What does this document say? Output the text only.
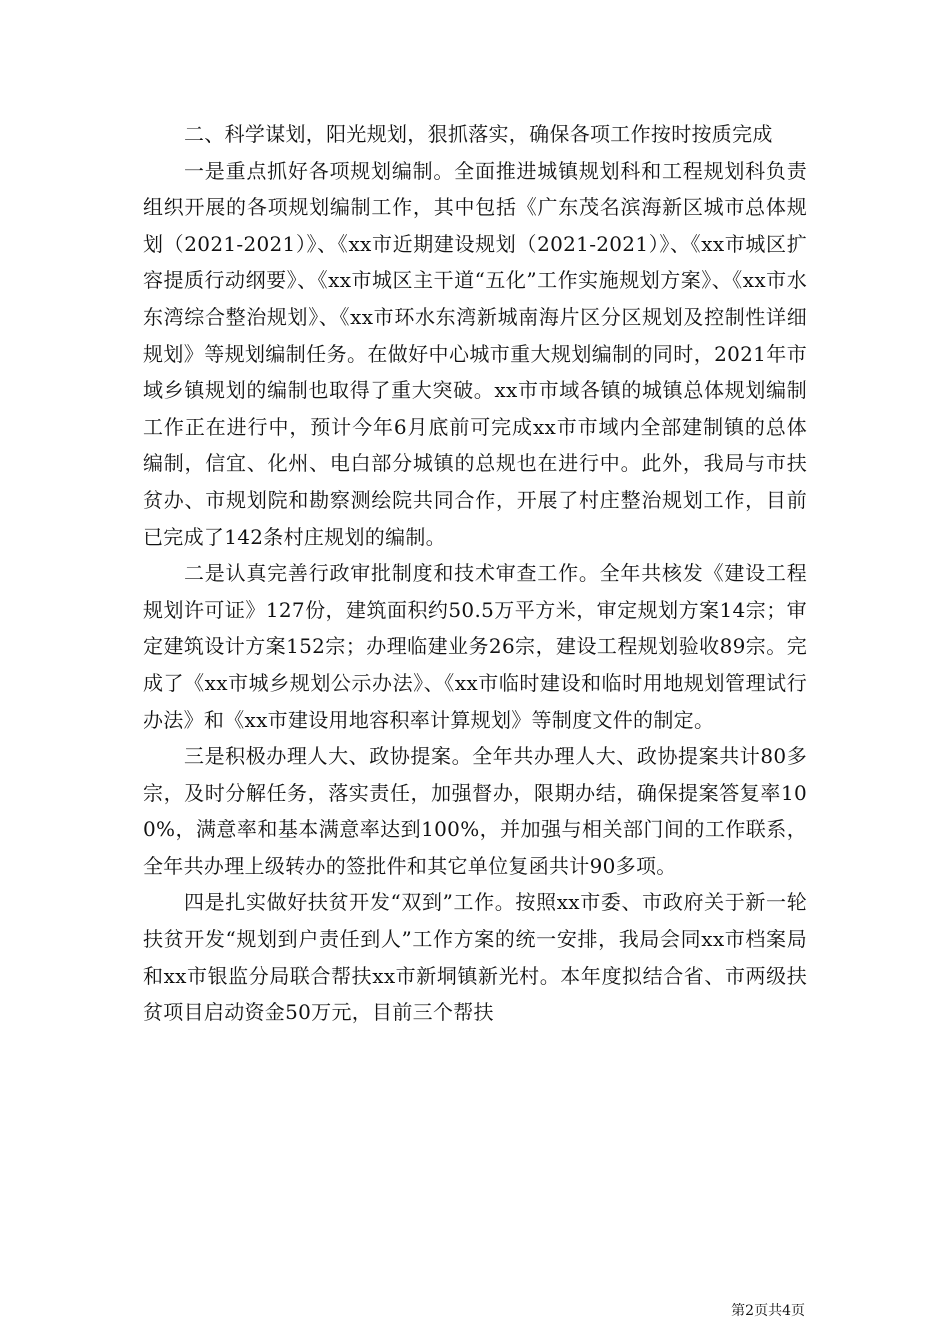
二、科学谋划，阳光规划，狠抓落实，确保各项工作按时按质完成

一是重点抓好各项规划编制。全面推进城镇规划科和工程规划科负责组织开展的各项规划编制工作，其中包括《广东茂名滨海新区城市总体规划（2021-2021）》、《xx市近期建设规划（2021-2021）》、《xx市城区扩容提质行动纲要》、《xx市城区主干道“五化”工作实施规划方案》、《xx市水东湾综合整治规划》、《xx市环水东湾新城南海片区分区规划及控制性详细规划》等规划编制任务。在做好中心城市重大规划编制的同时，2021年市域乡镇规划的编制也取得了重大突破。xx市市域各镇的城镇总体规划编制工作正在进行中，预计今年6月底前可完成xx市市域内全部建制镇的总体编制，信宜、化州、电白部分城镇的总规也在进行中。此外，我局与市扶贫办、市规划院和勘察测绘院共同合作，开展了村庄整治规划工作，目前已完成了142条村庄规划的编制。

二是认真完善行政审批制度和技术审查工作。全年共核发《建设工程规划许可证》127份，建筑面积约50.5万平方米，审定规划方案14宗；审定建筑设计方案152宗；办理临建业务26宗，建设工程规划验收89宗。完成了《xx市城乡规划公示办法》、《xx市临时建设和临时用地规划管理试行办法》和《xx市建设用地容积率计算规划》等制度文件的制定。

三是积极办理人大、政协提案。全年共办理人大、政协提案共计80多宗，及时分解任务，落实责任，加强督办，限期办结，确保提案答复率100%，满意率和基本满意率达到100%，并加强与相关部门间的工作联系，全年共办理上级转办的签批件和其它单位复函共计90多项。

四是扎实做好扶贫开发“双到”工作。按照xx市委、市政府关于新一轮扶贫开发“规划到户责任到人”工作方案的统一安排，我局会同xx市档案局和xx市银监分局联合帮扶xx市新垌镇新光村。本年度拟结合省、市两级扶贫项目启动资金50万元，目前三个帮扶

第2页共4页
